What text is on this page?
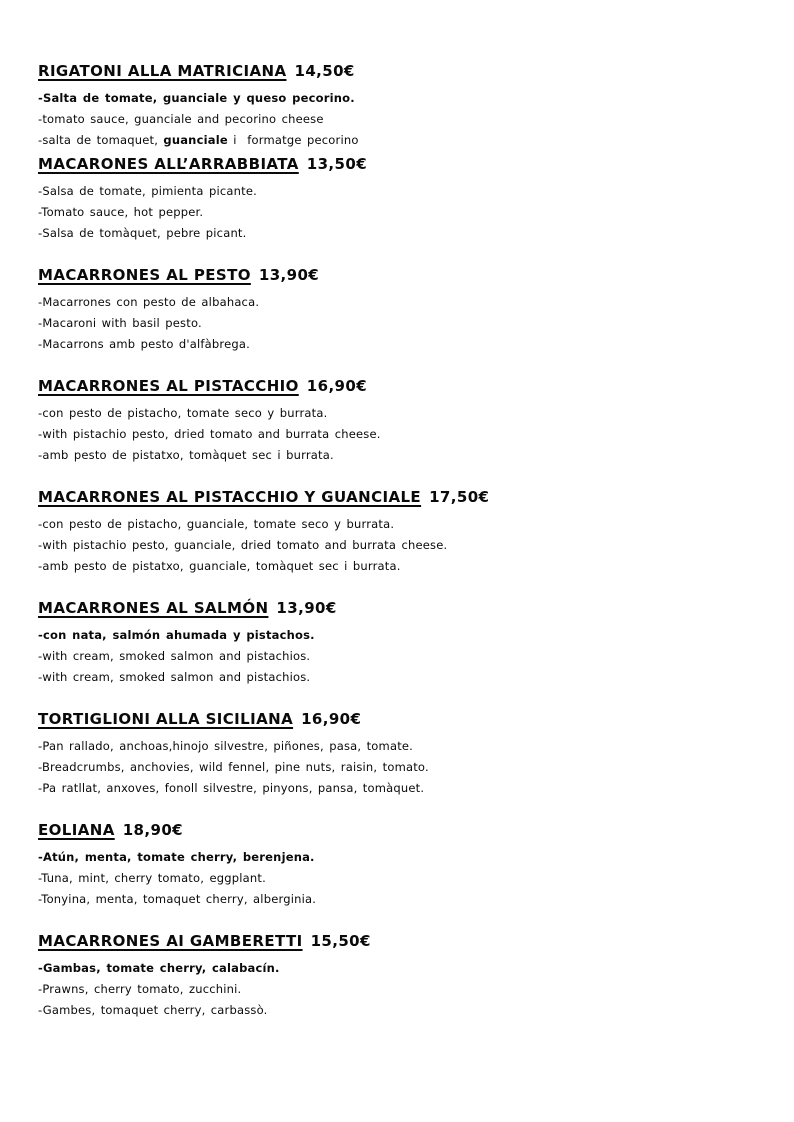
RIGATONI ALLA MATRICIANA 14,50€

-Salta de tomate, guanciale y queso pecorino.

-tomato sauce, guanciale and pecorino cheese

-salta de tomaquet, guanciale i  formatge pecorino

MACARONES ALL’ARRABBIATA 13,50€

-Salsa de tomate, pimienta picante.

-Tomato sauce, hot pepper.

-Salsa de tomàquet, pebre picant.

MACARRONES AL PESTO 13,90€

-Macarrones con pesto de albahaca.

-Macaroni with basil pesto.

-Macarrons amb pesto d'alfàbrega.

MACARRONES AL PISTACCHIO 16,90€

-con pesto de pistacho, tomate seco y burrata.

-with pistachio pesto, dried tomato and burrata cheese.

-amb pesto de pistatxo, tomàquet sec i burrata.

MACARRONES AL PISTACCHIO Y GUANCIALE 17,50€

-con pesto de pistacho, guanciale, tomate seco y burrata.

-with pistachio pesto, guanciale, dried tomato and burrata cheese.

-amb pesto de pistatxo, guanciale, tomàquet sec i burrata.

MACARRONES AL SALMÓN 13,90€

-con nata, salmón ahumada y pistachos.

-with cream, smoked salmon and pistachios.

-with cream, smoked salmon and pistachios.

TORTIGLIONI ALLA SICILIANA 16,90€

-Pan rallado, anchoas,hinojo silvestre, piñones, pasa, tomate.

-Breadcrumbs, anchovies, wild fennel, pine nuts, raisin, tomato.

-Pa ratllat, anxoves, fonoll silvestre, pinyons, pansa, tomàquet.

EOLIANA 18,90€

-Atún, menta, tomate cherry, berenjena.

-Tuna, mint, cherry tomato, eggplant.

-Tonyina, menta, tomaquet cherry, alberginia.

MACARRONES AI GAMBERETTI 15,50€

-Gambas, tomate cherry, calabacín.

-Prawns, cherry tomato, zucchini.

-Gambes, tomaquet cherry, carbassò.
